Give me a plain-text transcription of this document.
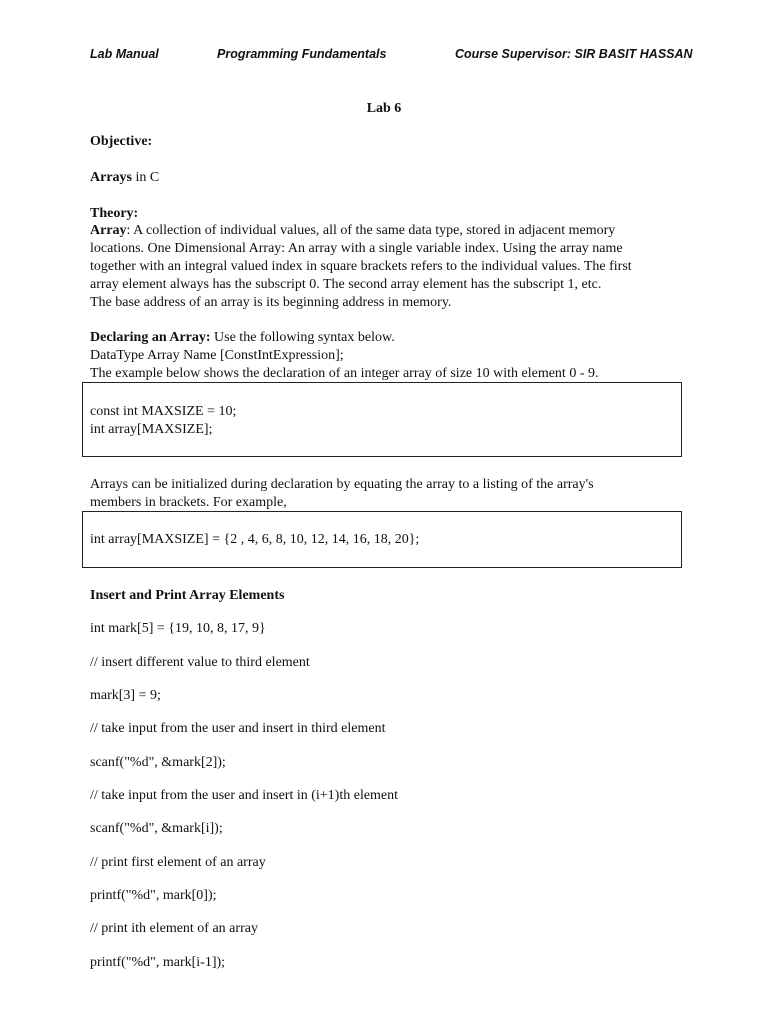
Lab Manual	Programming Fundamentals	Course Supervisor: SIR BASIT HASSAN
Lab 6
Objective:
Arrays in C
Theory:
Array: A collection of individual values, all of the same data type, stored in adjacent memory
locations. One Dimensional Array: An array with a single variable index. Using the array name
together with an integral valued index in square brackets refers to the individual values. The first
array element always has the subscript 0. The second array element has the subscript 1, etc.
The base address of an array is its beginning address in memory.
Declaring an Array: Use the following syntax below.
DataType Array Name [ConstIntExpression];
The example below shows the declaration of an integer array of size 10 with element 0 - 9.
const int MAXSIZE = 10;
int array[MAXSIZE];
Arrays can be initialized during declaration by equating the array to a listing of the array's
members in brackets. For example,
int array[MAXSIZE] = {2 , 4, 6, 8, 10, 12, 14, 16, 18, 20};
Insert and Print Array Elements
int mark[5] = {19, 10, 8, 17, 9}
// insert different value to third element
mark[3] = 9;
// take input from the user and insert in third element
scanf("%d", &mark[2]);
// take input from the user and insert in (i+1)th element
scanf("%d", &mark[i]);
// print first element of an array
printf("%d", mark[0]);
// print ith element of an array
printf("%d", mark[i-1]);
